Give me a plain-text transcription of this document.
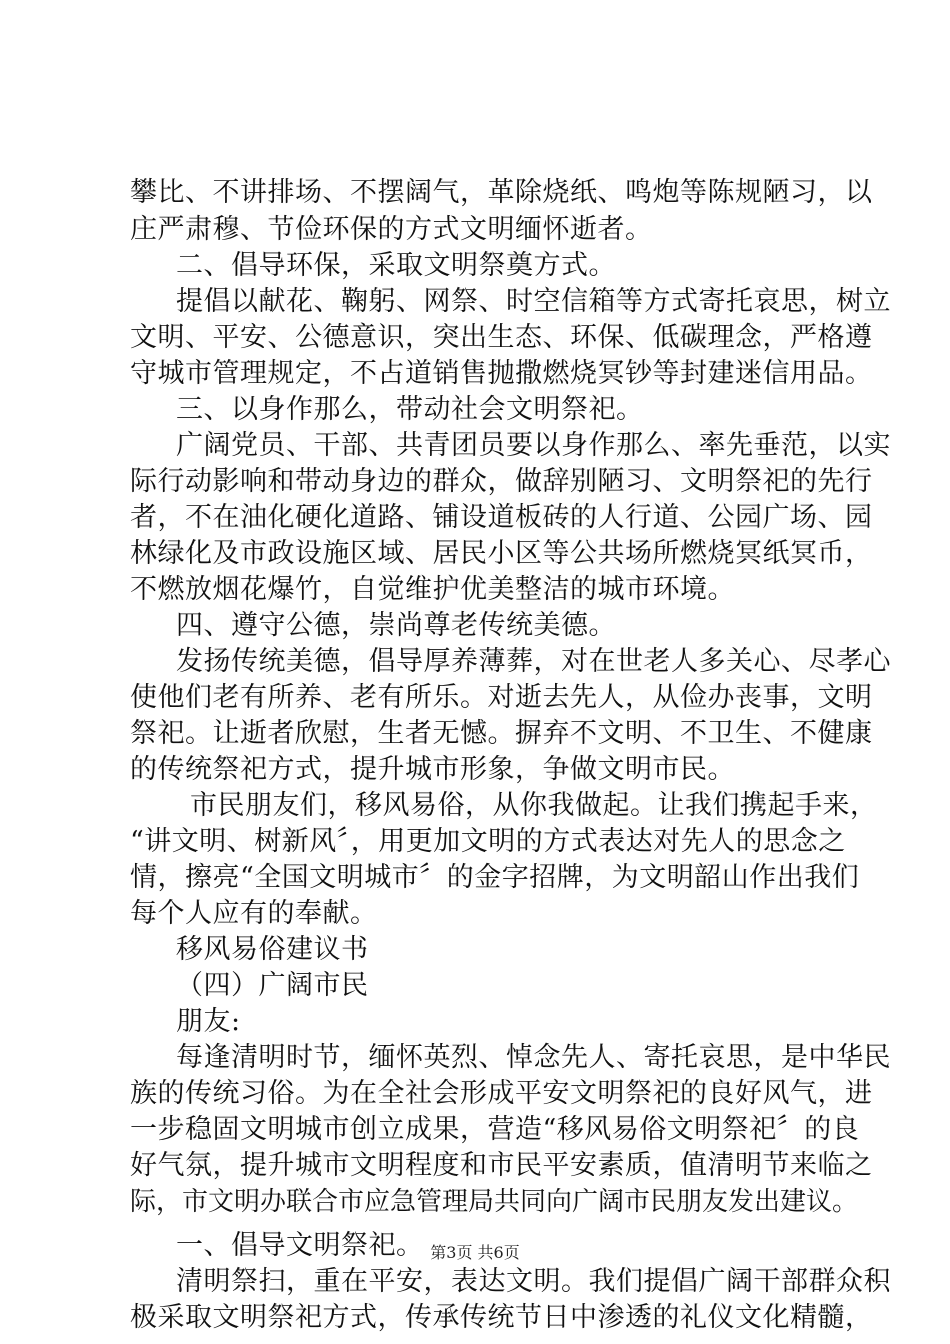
攀比、不讲排场、不摆阔气，革除烧纸、鸣炮等陈规陋习，以
庄严肃穆、节俭环保的方式文明缅怀逝者。
二、倡导环保，采取文明祭奠方式。
提倡以献花、鞠躬、网祭、时空信箱等方式寄托哀思，树立
文明、平安、公德意识，突出生态、环保、低碳理念，严格遵
守城市管理规定，不占道销售抛撒燃烧冥钞等封建迷信用品。
三、以身作那么，带动社会文明祭祀。
广阔党员、干部、共青团员要以身作那么、率先垂范，以实
际行动影响和带动身边的群众，做辞别陋习、文明祭祀的先行
者，不在油化硬化道路、铺设道板砖的人行道、公园广场、园
林绿化及市政设施区域、居民小区等公共场所燃烧冥纸冥币，
不燃放烟花爆竹，自觉维护优美整洁的城市环境。
四、遵守公德，崇尚尊老传统美德。
发扬传统美德，倡导厚养薄葬，对在世老人多关心、尽孝心
使他们老有所养、老有所乐。对逝去先人，从俭办丧事，文明
祭祀。让逝者欣慰，生者无憾。摒弃不文明、不卫生、不健康
的传统祭祀方式，提升城市形象，争做文明市民。
市民朋友们，移风易俗，从你我做起。让我们携起手来，
“讲文明、树新风〞，用更加文明的方式表达对先人的思念之
情，擦亮“全国文明城市〞的金字招牌，为文明韶山作出我们
每个人应有的奉献。
移风易俗建议书
（四）广阔市民
朋友:
每逢清明时节，缅怀英烈、悼念先人、寄托哀思，是中华民
族的传统习俗。为在全社会形成平安文明祭祀的良好风气，进
一步稳固文明城市创立成果，营造“移风易俗文明祭祀〞的良
好气氛，提升城市文明程度和市民平安素质，值清明节来临之
际，市文明办联合市应急管理局共同向广阔市民朋友发出建议。
第3页 共6页
一、倡导文明祭祀。
清明祭扫，重在平安，表达文明。我们提倡广阔干部群众积
极采取文明祭祀方式，传承传统节日中渗透的礼仪文化精髓，
